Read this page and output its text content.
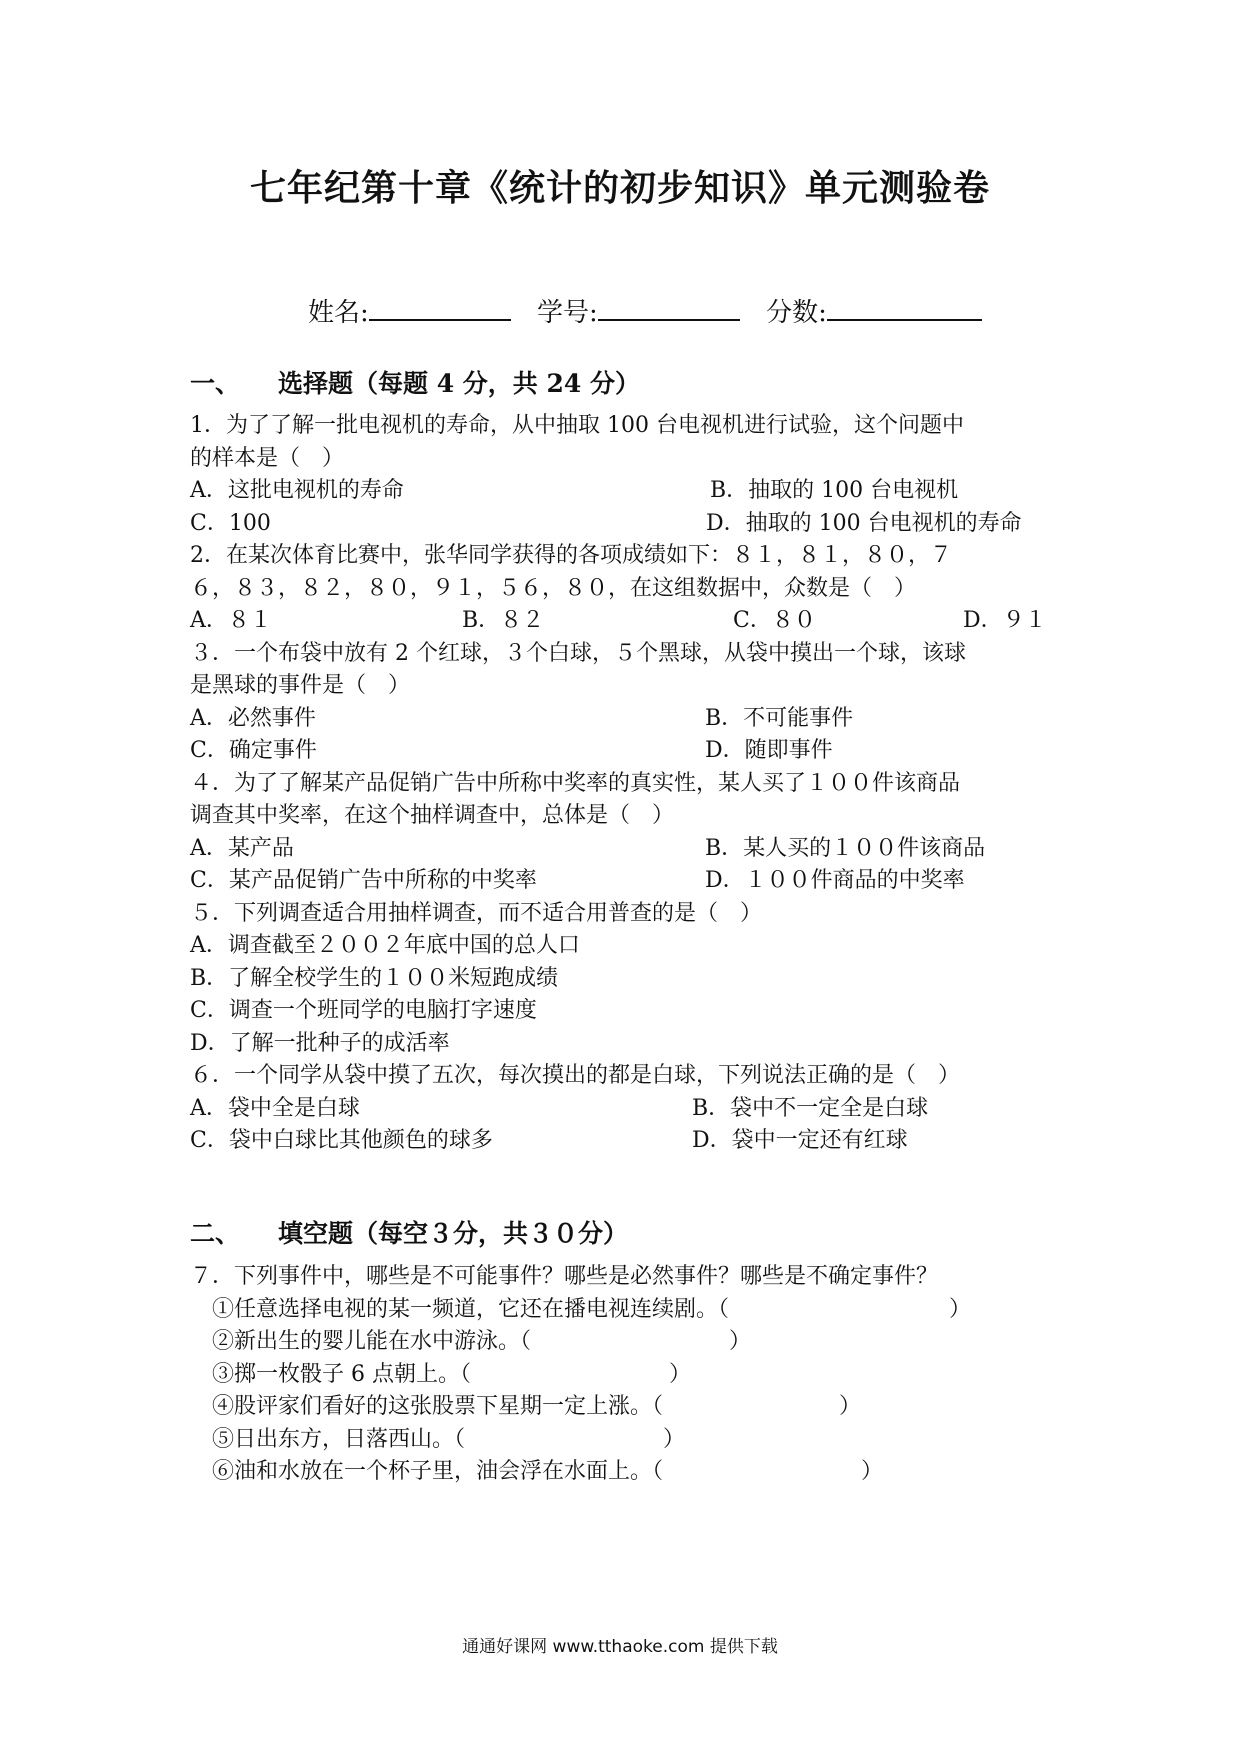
七年纪第十章《统计的初步知识》单元测验卷
姓名:	学号:	分数:
一、 选择题（每题 4 分，共 24 分）
1．为了了解一批电视机的寿命，从中抽取 100 台电视机进行试验，这个问题中
的样本是（　）
A．这批电视机的寿命	B．抽取的 100 台电视机
C．100	D．抽取的 100 台电视机的寿命
2．在某次体育比赛中，张华同学获得的各项成绩如下：８１，８１，８０，７
６，８３，８２，８０，９１，５６，８０，在这组数据中，众数是（　）
A．８１	B．８２	C．８０	D．９１
３．一个布袋中放有 2 个红球，３个白球，５个黑球，从袋中摸出一个球，该球
是黑球的事件是（　）
A．必然事件	B．不可能事件
C．确定事件	D．随即事件
４．为了了解某产品促销广告中所称中奖率的真实性，某人买了１００件该商品
调查其中奖率，在这个抽样调查中，总体是（　）
A．某产品	B．某人买的１００件该商品
C．某产品促销广告中所称的中奖率	D．１００件商品的中奖率
５．下列调查适合用抽样调查，而不适合用普查的是（　）
A．调查截至２００２年底中国的总人口
B．了解全校学生的１００米短跑成绩
C．调查一个班同学的电脑打字速度
D．了解一批种子的成活率
６．一个同学从袋中摸了五次，每次摸出的都是白球，下列说法正确的是（　）
A．袋中全是白球	B．袋中不一定全是白球
C．袋中白球比其他颜色的球多	D．袋中一定还有红球
二、 填空题（每空３分，共３０分）
７．下列事件中，哪些是不可能事件？哪些是必然事件？哪些是不确定事件？
①任意选择电视的某一频道，它还在播电视连续剧。（　　　　　　　　　　）
②新出生的婴儿能在水中游泳。（　　　　　　　　　）
③掷一枚骰子 6 点朝上。（　　　　　　　　　）
④股评家们看好的这张股票下星期一定上涨。（　　　　　　　　）
⑤日出东方，日落西山。（　　　　　　　　　）
⑥油和水放在一个杯子里，油会浮在水面上。（　　　　　　　　　）
通通好课网 www.tthaoke.com 提供下载
